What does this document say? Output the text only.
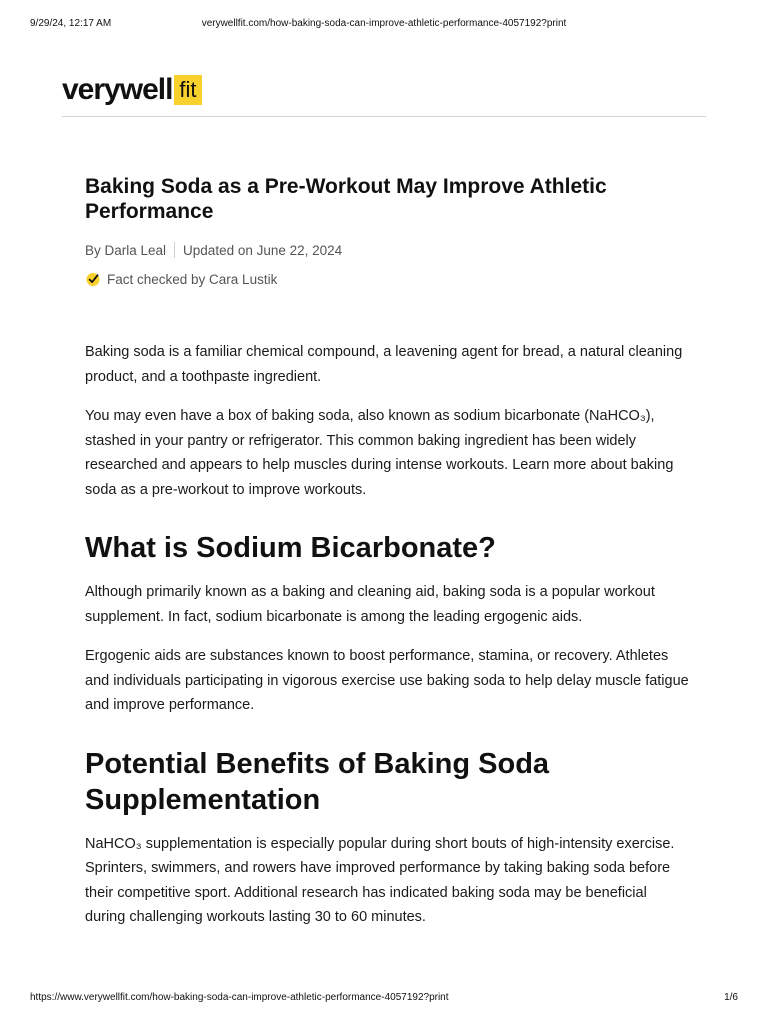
9/29/24, 12:17 AM	verywellfit.com/how-baking-soda-can-improve-athletic-performance-4057192?print
verywell fit
Baking Soda as a Pre-Workout May Improve Athletic Performance
By Darla Leal Updated on June 22, 2024
Fact checked by Cara Lustik

Baking soda is a familiar chemical compound, a leavening agent for bread, a natural cleaning product, and a toothpaste ingredient.

You may even have a box of baking soda, also known as sodium bicarbonate (NaHCO₃), stashed in your pantry or refrigerator. This common baking ingredient has been widely researched and appears to help muscles during intense workouts. Learn more about baking soda as a pre-workout to improve workouts.

What is Sodium Bicarbonate?

Although primarily known as a baking and cleaning aid, baking soda is a popular workout supplement. In fact, sodium bicarbonate is among the leading ergogenic aids.

Ergogenic aids are substances known to boost performance, stamina, or recovery. Athletes and individuals participating in vigorous exercise use baking soda to help delay muscle fatigue and improve performance.

Potential Benefits of Baking Soda Supplementation

NaHCO₃ supplementation is especially popular during short bouts of high-intensity exercise. Sprinters, swimmers, and rowers have improved performance by taking baking soda before their competitive sport. Additional research has indicated baking soda may be beneficial during challenging workouts lasting 30 to 60 minutes.

https://www.verywellfit.com/how-baking-soda-can-improve-athletic-performance-4057192?print	1/6
